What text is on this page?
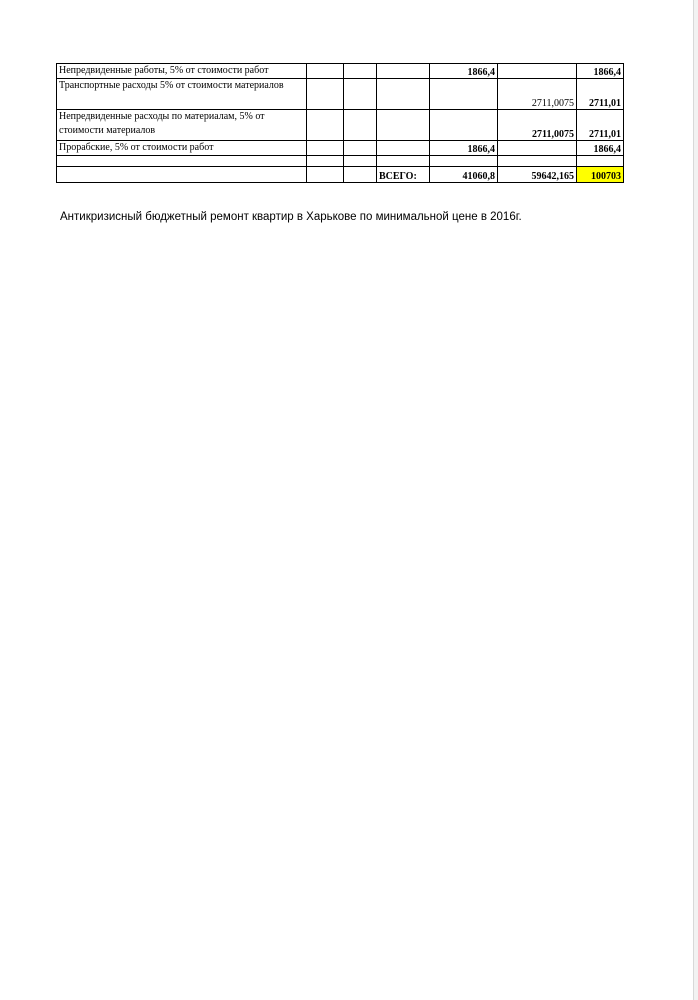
Непредвиденные работы, 5% от стоимости работ				1866,4		1866,4
Транспортные расходы 5% от стоимости материалов					2711,0075	2711,01
Непредвиденные расходы по материалам, 5% от стоимости материалов					2711,0075	2711,01
Прорабские, 5% от стоимости работ				1866,4		1866,4

			ВСЕГО:	41060,8	59642,165	100703
Антикризисный бюджетный ремонт квартир в Харькове по минимальной цене в 2016г.
